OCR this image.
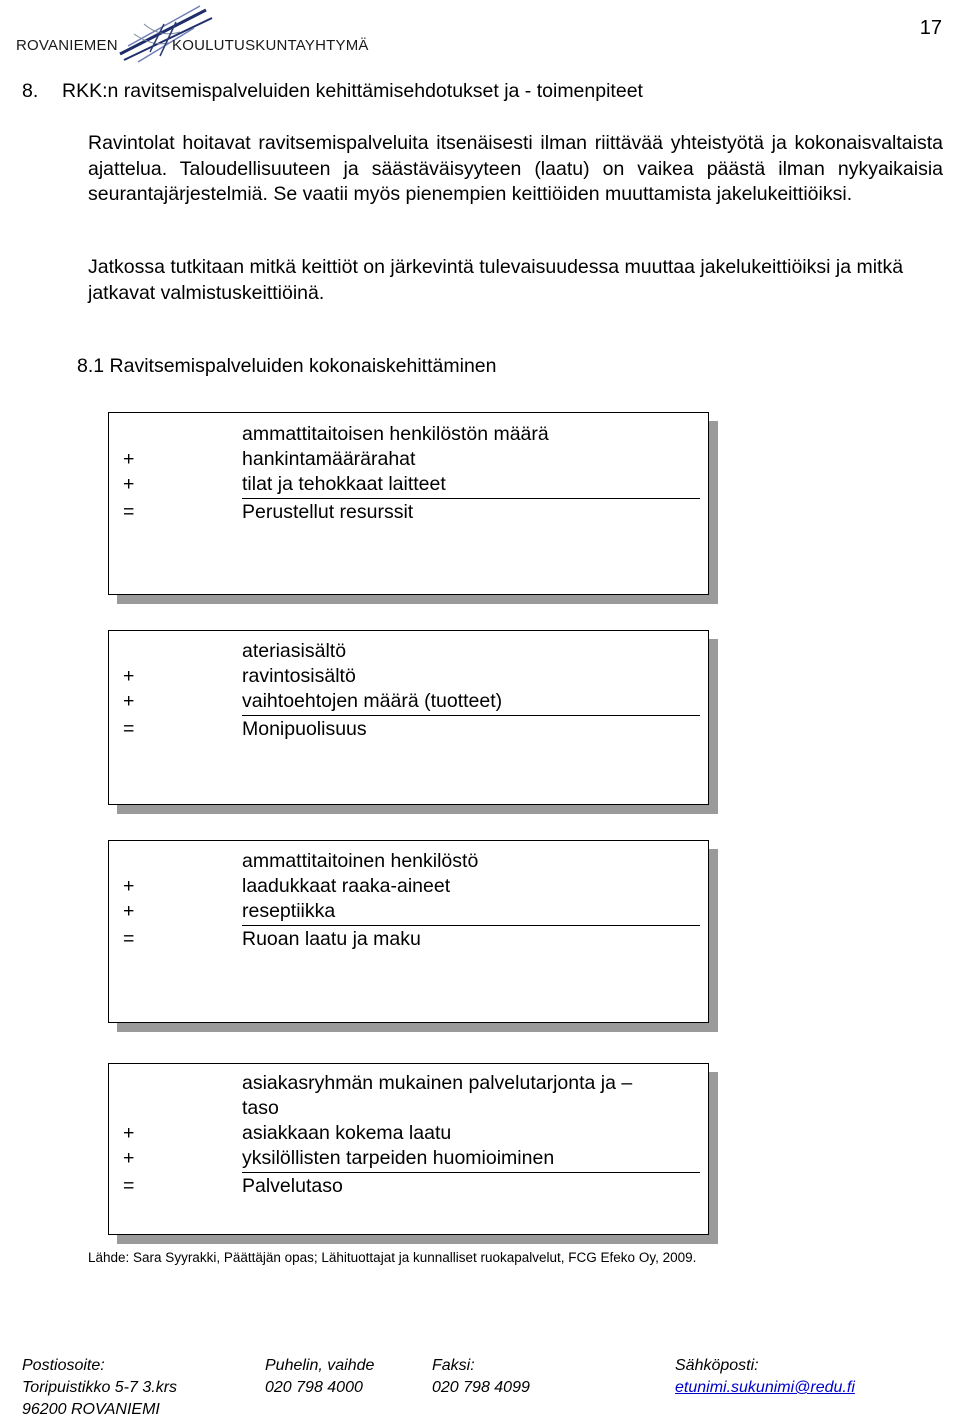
ROVANIEMEN	KOULUTUSKUNTAYHTYMÄ
17
8. RKK:n ravitsemispalveluiden kehittämisehdotukset ja - toimenpiteet
Ravintolat hoitavat ravitsemispalveluita itsenäisesti ilman riittävää yhteistyötä ja kokonaisvaltaista ajattelua. Taloudellisuuteen ja säästäväisyyteen (laatu) on vaikea päästä ilman nykyaikaisia seurantajärjestelmiä. Se vaatii myös pienempien keittiöiden muuttamista jakelukeittiöiksi.
Jatkossa tutkitaan mitkä keittiöt on järkevintä tulevaisuudessa muuttaa jakelukeittiöiksi ja mitkä jatkavat valmistuskeittiöinä.
8.1 Ravitsemispalveluiden kokonaiskehittäminen
ammattitaitoisen henkilöstön määrä
+	hankintamäärärahat
+	tilat ja tehokkaat laitteet
=	Perustellut resurssit
ateriasisältö
+	ravintosisältö
+	vaihtoehtojen määrä (tuotteet)
=	Monipuolisuus
ammattitaitoinen henkilöstö
+	laadukkaat raaka-aineet
+	reseptiikka
=	Ruoan laatu ja maku
asiakasryhmän mukainen palvelutarjonta ja –
taso
+	asiakkaan kokema laatu
+	yksilöllisten tarpeiden huomioiminen
=	Palvelutaso
Lähde: Sara Syyrakki, Päättäjän opas; Lähituottajat ja kunnalliset ruokapalvelut, FCG Efeko Oy, 2009.
Postiosoite:
Toripuistikko 5-7 3.krs
96200 ROVANIEMI
Puhelin, vaihde
020 798 4000
Faksi:
020 798 4099
Sähköposti:
etunimi.sukunimi@redu.fi
